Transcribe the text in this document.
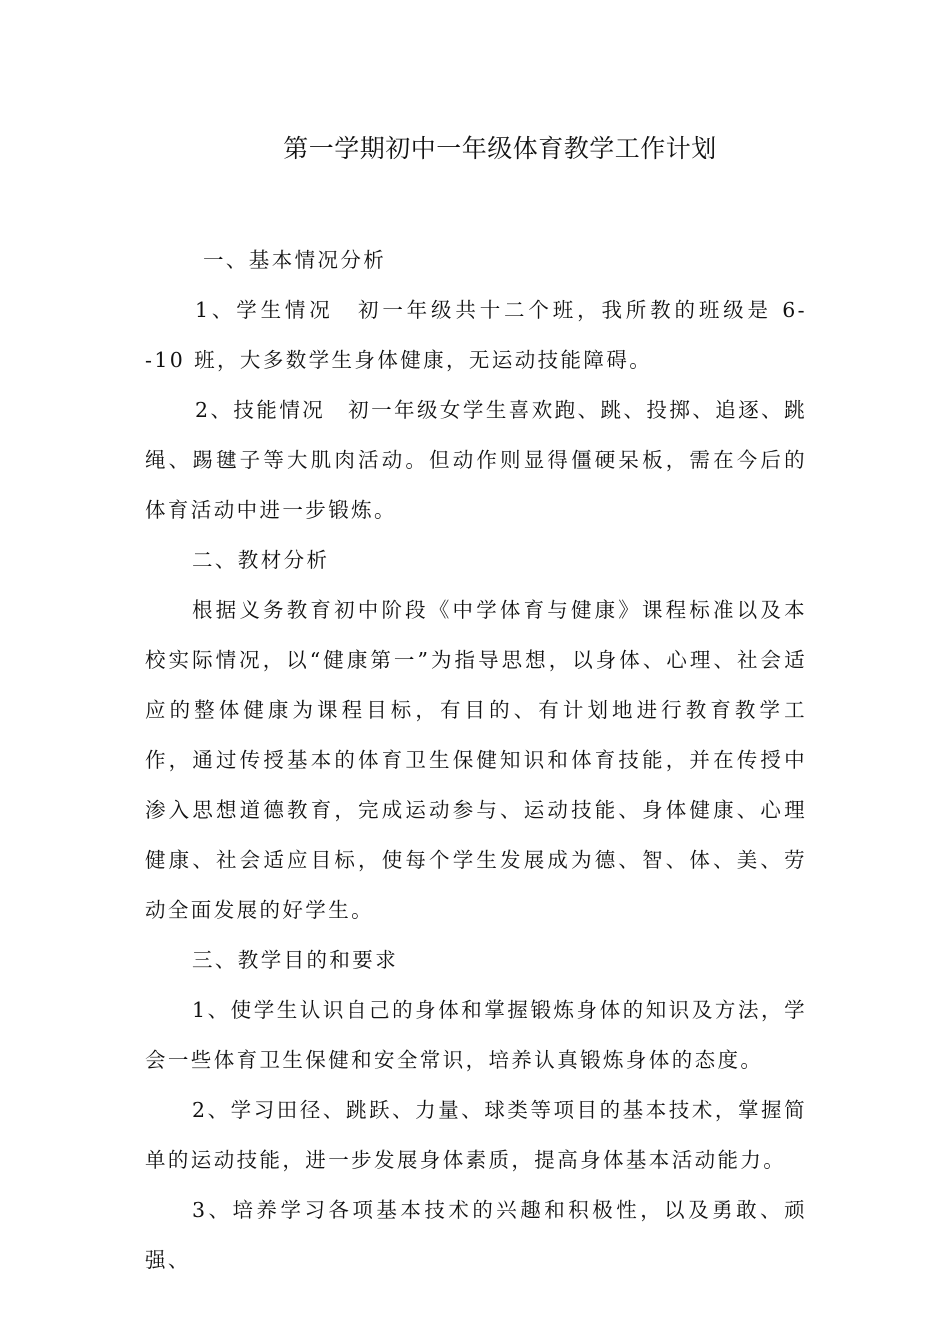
第一学期初中一年级体育教学工作计划

一、基本情况分析

1、学生情况　初一年级共十二个班，我所教的班级是 6--10 班，大多数学生身体健康，无运动技能障碍。

2、技能情况　初一年级女学生喜欢跑、跳、投掷、追逐、跳绳、踢毽子等大肌肉活动。但动作则显得僵硬呆板，需在今后的体育活动中进一步锻炼。

二、教材分析

根据义务教育初中阶段《中学体育与健康》课程标准以及本校实际情况，以“健康第一”为指导思想，以身体、心理、社会适应的整体健康为课程目标，有目的、有计划地进行教育教学工作，通过传授基本的体育卫生保健知识和体育技能，并在传授中渗入思想道德教育，完成运动参与、运动技能、身体健康、心理健康、社会适应目标，使每个学生发展成为德、智、体、美、劳动全面发展的好学生。

三、教学目的和要求

1、使学生认识自己的身体和掌握锻炼身体的知识及方法，学会一些体育卫生保健和安全常识，培养认真锻炼身体的态度。

2、学习田径、跳跃、力量、球类等项目的基本技术，掌握简单的运动技能，进一步发展身体素质，提高身体基本活动能力。

3、培养学习各项基本技术的兴趣和积极性，以及勇敢、顽强、
